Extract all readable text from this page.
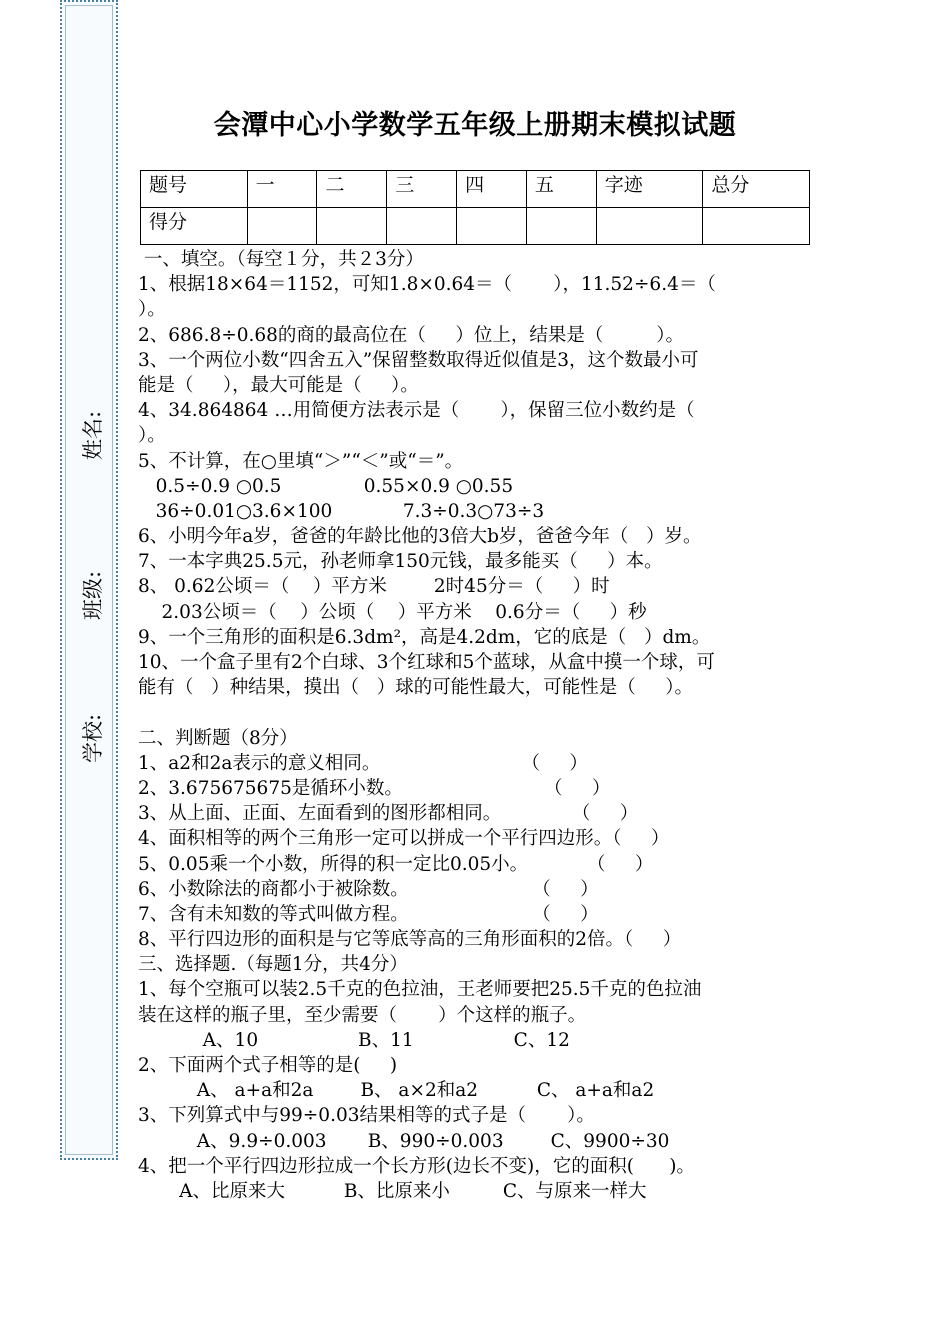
姓名:
班级:
学校:
会潭中心小学数学五年级上册期末模拟试题
题号	一	二	三	四	五	字迹	总分
得分							
一、填空。（每空１分，共２3分）
1、根据18×64＝1152，可知1.8×0.64＝（       ），11.52÷6.4＝（
）。
2、686.8÷0.68的商的最高位在（     ）位上，结果是（         ）。
3、一个两位小数“四舍五入”保留整数取得近似值是3，这个数最小可
能是（     ），最大可能是（     ）。
4、34.864864 …用简便方法表示是（       ），保留三位小数约是（
）。
5、不计算，在○里填“＞”“＜”或“＝”。
0.5÷0.9 ○0.5              0.55×0.9 ○0.55
36÷0.01○3.6×100            7.3÷0.3○73÷3
6、小明今年a岁，爸爸的年龄比他的3倍大b岁，爸爸今年（   ）岁。
7、一本字典25.5元，孙老师拿150元钱，最多能买（     ）本。
8、 0.62公顷＝（    ）平方米        2时45分＝（     ）时
2.03公顷＝（    ）公顷（    ）平方米    0.6分＝（     ）秒
9、一个三角形的面积是6.3dm²，高是4.2dm，它的底是（   ）dm。
10、一个盒子里有2个白球、3个红球和5个蓝球，从盒中摸一个球，可
能有（   ）种结果，摸出（   ）球的可能性最大，可能性是（     ）。
二、判断题（8分）
1、a2和2a表示的意义相同。                        （     ）
2、3.675675675是循环小数。                        （     ）
3、从上面、正面、左面看到的图形都相同。            （     ）
4、面积相等的两个三角形一定可以拼成一个平行四边形。（     ）
5、0.05乘一个小数，所得的积一定比0.05小。          （     ）
6、小数除法的商都小于被除数。                     （     ）
7、含有未知数的等式叫做方程。                     （     ）
8、平行四边形的面积是与它等底等高的三角形面积的2倍。（     ）
三、选择题.（每题1分，共4分）
1、每个空瓶可以装2.5千克的色拉油，王老师要把25.5千克的色拉油
装在这样的瓶子里，至少需要（       ）个这样的瓶子。
A、10                 B、11                 C、12
2、下面两个式子相等的是(     )
A、 a+a和2a        B、 a×2和a2          C、 a+a和a2
3、下列算式中与99÷0.03结果相等的式子是（       ）。
A、9.9÷0.003       B、990÷0.003        C、9900÷30
4、把一个平行四边形拉成一个长方形(边长不变)，它的面积(      )。
A、比原来大          B、比原来小         C、与原来一样大
